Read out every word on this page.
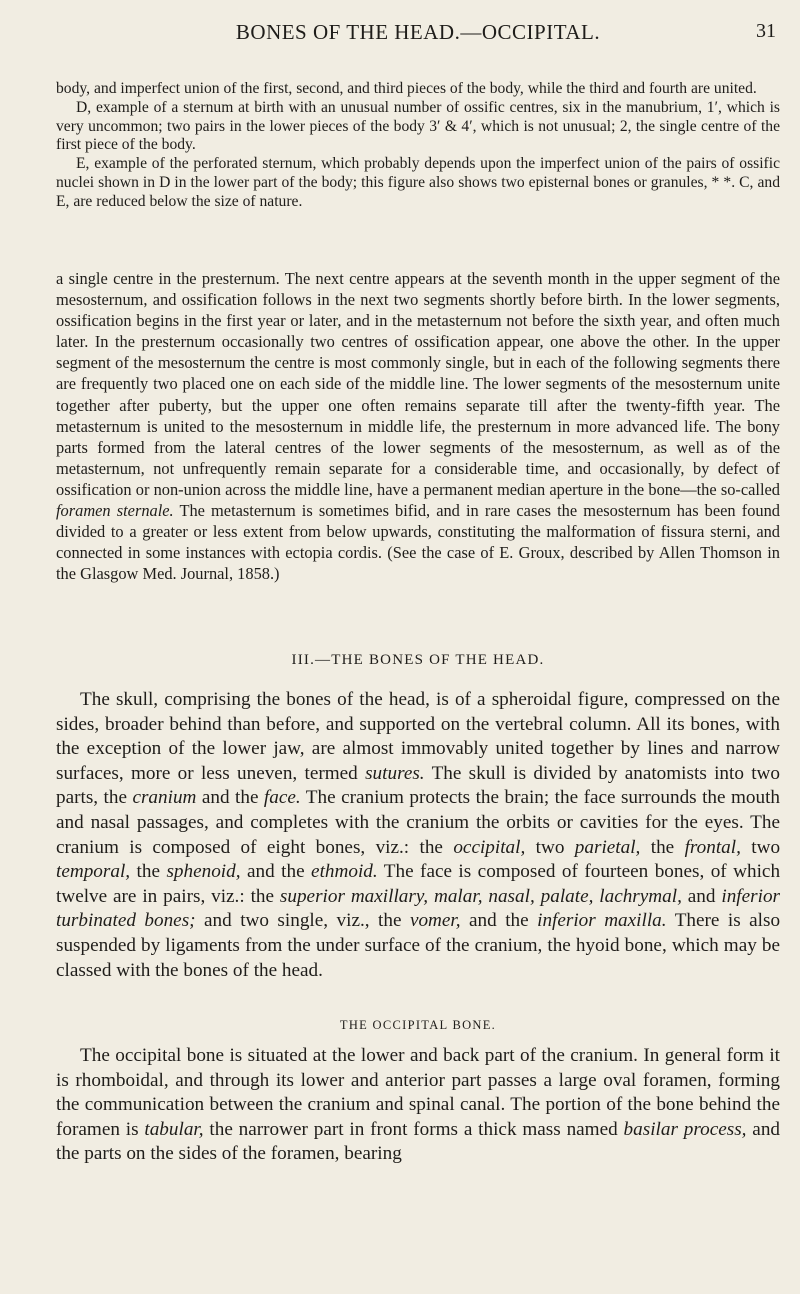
BONES OF THE HEAD.—OCCIPITAL.	31

body, and imperfect union of the first, second, and third pieces of the body, while the third and fourth are united.

D, example of a sternum at birth with an unusual number of ossific centres, six in the manubrium, 1′, which is very uncommon; two pairs in the lower pieces of the body 3′ & 4′, which is not unusual; 2, the single centre of the first piece of the body.

E, example of the perforated sternum, which probably depends upon the imperfect union of the pairs of ossific nuclei shown in D in the lower part of the body; this figure also shows two episternal bones or granules, * *. C, and E, are reduced below the size of nature.

a single centre in the presternum. The next centre appears at the seventh month in the upper segment of the mesosternum, and ossification follows in the next two segments shortly before birth. In the lower segments, ossification begins in the first year or later, and in the metasternum not before the sixth year, and often much later. In the presternum occasionally two centres of ossification appear, one above the other. In the upper segment of the mesosternum the centre is most commonly single, but in each of the following segments there are frequently two placed one on each side of the middle line. The lower segments of the mesosternum unite together after puberty, but the upper one often remains separate till after the twenty-fifth year. The metasternum is united to the mesosternum in middle life, the presternum in more advanced life. The bony parts formed from the lateral centres of the lower segments of the mesosternum, as well as of the metasternum, not unfrequently remain separate for a considerable time, and occasionally, by defect of ossification or non-union across the middle line, have a permanent median aperture in the bone—the so-called foramen sternale. The metasternum is sometimes bifid, and in rare cases the mesosternum has been found divided to a greater or less extent from below upwards, constituting the malformation of fissura sterni, and connected in some instances with ectopia cordis. (See the case of E. Groux, described by Allen Thomson in the Glasgow Med. Journal, 1858.)

III.—THE BONES OF THE HEAD.

The skull, comprising the bones of the head, is of a spheroidal figure, compressed on the sides, broader behind than before, and supported on the vertebral column. All its bones, with the exception of the lower jaw, are almost immovably united together by lines and narrow surfaces, more or less uneven, termed sutures. The skull is divided by anatomists into two parts, the cranium and the face. The cranium protects the brain; the face surrounds the mouth and nasal passages, and completes with the cranium the orbits or cavities for the eyes. The cranium is composed of eight bones, viz.: the occipital, two parietal, the frontal, two temporal, the sphenoid, and the ethmoid. The face is composed of fourteen bones, of which twelve are in pairs, viz.: the superior maxillary, malar, nasal, palate, lachrymal, and inferior turbinated bones; and two single, viz., the vomer, and the inferior maxilla. There is also suspended by ligaments from the under surface of the cranium, the hyoid bone, which may be classed with the bones of the head.

THE OCCIPITAL BONE.

The occipital bone is situated at the lower and back part of the cranium. In general form it is rhomboidal, and through its lower and anterior part passes a large oval foramen, forming the communication between the cranium and spinal canal. The portion of the bone behind the foramen is tabular, the narrower part in front forms a thick mass named basilar process, and the parts on the sides of the foramen, bearing
